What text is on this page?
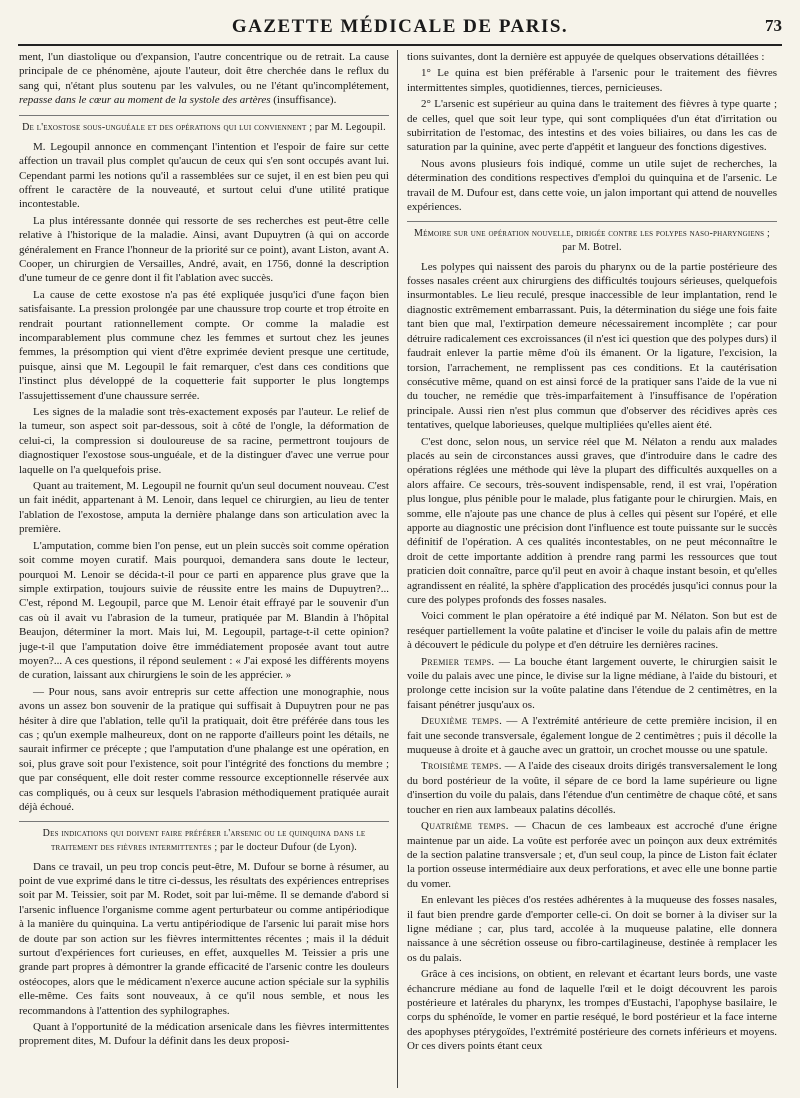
GAZETTE MÉDICALE DE PARIS.	73

ment, l'un diastolique ou d'expansion, l'autre concentrique ou de retrait. La cause principale de ce phénomène, ajoute l'auteur, doit être cherchée dans le reflux du sang qui, n'étant plus soutenu par les valvules, ou ne l'étant qu'incomplétement, repasse dans le cœur au moment de la systole des artères (insuffisance).

De l'exostose sous-unguéale et des opérations qui lui conviennent ; par M. Legoupil.

M. Legoupil annonce en commençant l'intention et l'espoir de faire sur cette affection un travail plus complet qu'aucun de ceux qui s'en sont occupés avant lui. Cependant parmi les notions qu'il a rassemblées sur ce sujet, il en est bien peu qui offrent le caractère de la nouveauté, et surtout celui d'une utilité pratique incontestable.

La plus intéressante donnée qui ressorte de ses recherches est peut-être celle relative à l'historique de la maladie. Ainsi, avant Dupuytren (à qui on accorde généralement en France l'honneur de la priorité sur ce point), avant Liston, avant A. Cooper, un chirurgien de Versailles, André, avait, en 1756, donné la description d'une tumeur de ce genre dont il fit l'ablation avec succès.

La cause de cette exostose n'a pas été expliquée jusqu'ici d'une façon bien satisfaisante. La pression prolongée par une chaussure trop courte et trop étroite en rendrait pourtant rationnellement compte. Or comme la maladie est incomparablement plus commune chez les femmes et surtout chez les jeunes femmes, la présomption qui vient d'être exprimée devient presque une certitude, puisque, ainsi que M. Legoupil le fait remarquer, c'est dans ces conditions que l'instinct plus développé de la coquetterie fait supporter le plus longtemps l'assujettissement d'une chaussure serrée.

Les signes de la maladie sont très-exactement exposés par l'auteur. Le relief de la tumeur, son aspect soit par-dessous, soit à côté de l'ongle, la déformation de celui-ci, la compression si douloureuse de sa racine, permettront toujours de diagnostiquer l'exostose sous-unguéale, et de la distinguer d'avec une verrue pour laquelle on l'a quelquefois prise.

Quant au traitement, M. Legoupil ne fournit qu'un seul document nouveau. C'est un fait inédit, appartenant à M. Lenoir, dans lequel ce chirurgien, au lieu de tenter l'ablation de l'exostose, amputa la dernière phalange dans son articulation avec la première.

L'amputation, comme bien l'on pense, eut un plein succès soit comme opération soit comme moyen curatif. Mais pourquoi, demandera sans doute le lecteur, pourquoi M. Lenoir se décida-t-il pour ce parti en apparence plus grave que la simple extirpation, toujours suivie de réussite entre les mains de Dupuytren?... C'est, répond M. Legoupil, parce que M. Lenoir était effrayé par le souvenir d'un cas où il avait vu l'abrasion de la tumeur, pratiquée par M. Blandin à l'hôpital Beaujon, déterminer la mort. Mais lui, M. Legoupil, partage-t-il cette opinion? juge-t-il que l'amputation doive être immédiatement proposée avant tout autre moyen?... A ces questions, il répond seulement : « J'ai exposé les différents moyens de curation, laissant aux chirurgiens le soin de les apprécier. »

— Pour nous, sans avoir entrepris sur cette affection une monographie, nous avons un assez bon souvenir de la pratique qui suffisait à Dupuytren pour ne pas hésiter à dire que l'ablation, telle qu'il la pratiquait, doit être préférée dans tous les cas ; qu'un exemple malheureux, dont on ne rapporte d'ailleurs point les détails, ne saurait infirmer ce précepte ; que l'amputation d'une phalange est une opération, en soi, plus grave soit pour l'existence, soit pour l'intégrité des fonctions du membre ; que par conséquent, elle doit rester comme ressource exceptionnelle réservée aux cas compliqués, ou à ceux sur lesquels l'abrasion méthodiquement pratiquée aurait déjà échoué.

Des indications qui doivent faire préférer l'arsenic ou le quinquina dans le traitement des fièvres intermittentes ; par le docteur Dufour (de Lyon).

Dans ce travail, un peu trop concis peut-être, M. Dufour se borne à résumer, au point de vue exprimé dans le titre ci-dessus, les résultats des expériences entreprises soit par M. Teissier, soit par M. Rodet, soit par lui-même. Il se demande d'abord si l'arsenic influence l'organisme comme agent perturbateur ou comme antipériodique à la manière du quinquina. La vertu antipériodique de l'arsenic lui parait mise hors de doute par son action sur les fièvres intermittentes récentes ; mais il la déduit surtout d'expériences fort curieuses, en effet, auxquelles M. Teissier a pris une grande part propres à démontrer la grande efficacité de l'arsenic contre les douleurs ostéocopes, alors que le médicament n'exerce aucune action spéciale sur la syphilis elle-même. Ces faits sont nouveaux, à ce qu'il nous semble, et nous les recommandons à l'attention des syphilographes.

Quant à l'opportunité de la médication arsenicale dans les fièvres intermittentes proprement dites, M. Dufour la définit dans les deux proposi-

tions suivantes, dont la dernière est appuyée de quelques observations détaillées :

1° Le quina est bien préférable à l'arsenic pour le traitement des fièvres intermittentes simples, quotidiennes, tierces, pernicieuses.

2° L'arsenic est supérieur au quina dans le traitement des fièvres à type quarte ; de celles, quel que soit leur type, qui sont compliquées d'un état d'irritation ou subirritation de l'estomac, des intestins et des voies biliaires, ou dans les cas de saturation par la quinine, avec perte d'appétit et langueur des fonctions digestives.

Nous avons plusieurs fois indiqué, comme un utile sujet de recherches, la détermination des conditions respectives d'emploi du quinquina et de l'arsenic. Le travail de M. Dufour est, dans cette voie, un jalon important qui attend de nouvelles expériences.

Mémoire sur une opération nouvelle, dirigée contre les polypes naso-pharyngiens ; par M. Botrel.

Les polypes qui naissent des parois du pharynx ou de la partie postérieure des fosses nasales créent aux chirurgiens des difficultés toujours sérieuses, quelquefois insurmontables. Le lieu reculé, presque inaccessible de leur implantation, rend le diagnostic extrêmement embarrassant. Puis, la détermination du siége une fois faite tant bien que mal, l'extirpation demeure nécessairement incomplète ; car pour détruire radicalement ces excroissances (il n'est ici question que des polypes durs) il faudrait enlever la partie même d'où ils émanent. Or la ligature, l'excision, la torsion, l'arrachement, ne remplissent pas ces conditions. Et la cautérisation consécutive même, quand on est ainsi forcé de la pratiquer sans l'aide de la vue ni du toucher, ne remédie que très-imparfaitement à l'insuffisance de l'opération principale. Aussi rien n'est plus commun que d'observer des récidives après ces tentatives, quelque laborieuses, quelque multipliées qu'elles aient été.

C'est donc, selon nous, un service réel que M. Nélaton a rendu aux malades placés au sein de circonstances aussi graves, que d'introduire dans le cadre des opérations réglées une méthode qui lève la plupart des difficultés auxquelles on a alors affaire. Ce secours, très-souvent indispensable, rend, il est vrai, l'opération plus longue, plus pénible pour le malade, plus fatigante pour le chirurgien. Mais, en somme, elle n'ajoute pas une chance de plus à celles qui pèsent sur l'opéré, et elle apporte au diagnostic une précision dont l'influence est toute puissante sur le succès définitif de l'opération. A ces qualités incontestables, on ne peut méconnaître le droit de cette importante addition à prendre rang parmi les ressources que tout praticien doit connaître, parce qu'il peut en avoir à chaque instant besoin, et qu'elles agrandissent en réalité, la sphère d'application des procédés jusqu'ici connus pour la cure des polypes profonds des fosses nasales.

Voici comment le plan opératoire a été indiqué par M. Nélaton. Son but est de reséquer partiellement la voûte palatine et d'inciser le voile du palais afin de mettre à découvert le pédicule du polype et d'en détruire les dernières racines.

Premier temps. — La bouche étant largement ouverte, le chirurgien saisit le voile du palais avec une pince, le divise sur la ligne médiane, à l'aide du bistouri, et prolonge cette incision sur la voûte palatine dans l'étendue de 2 centimètres, en la faisant pénétrer jusqu'aux os.

Deuxième temps. — A l'extrémité antérieure de cette première incision, il en fait une seconde transversale, également longue de 2 centimètres ; puis il décolle la muqueuse à droite et à gauche avec un grattoir, un crochet mousse ou une spatule.

Troisième temps. — A l'aide des ciseaux droits dirigés transversalement le long du bord postérieur de la voûte, il sépare de ce bord la lame supérieure ou ligne d'insertion du voile du palais, dans l'étendue d'un centimètre de chaque côté, et sans toucher en rien aux lambeaux palatins décollés.

Quatrième temps. — Chacun de ces lambeaux est accroché d'une érigne maintenue par un aide. La voûte est perforée avec un poinçon aux deux extrémités de la section palatine transversale ; et, d'un seul coup, la pince de Liston fait éclater la portion osseuse intermédiaire aux deux perforations, et avec elle une bonne partie du vomer.

En enlevant les pièces d'os restées adhérentes à la muqueuse des fosses nasales, il faut bien prendre garde d'emporter celle-ci. On doit se borner à la diviser sur la ligne médiane ; car, plus tard, accolée à la muqueuse palatine, elle donnera naissance à une sécrétion osseuse ou fibro-cartilagineuse, destinée à remplacer les os du palais.

Grâce à ces incisions, on obtient, en relevant et écartant leurs bords, une vaste échancrure médiane au fond de laquelle l'œil et le doigt découvrent les parois postérieure et latérales du pharynx, les trompes d'Eustachi, l'apophyse basilaire, le corps du sphénoïde, le vomer en partie reséqué, le bord postérieur et la face interne des apophyses ptérygoïdes, l'extrémité postérieure des cornets inférieurs et moyens. Or ces divers points étant ceux
